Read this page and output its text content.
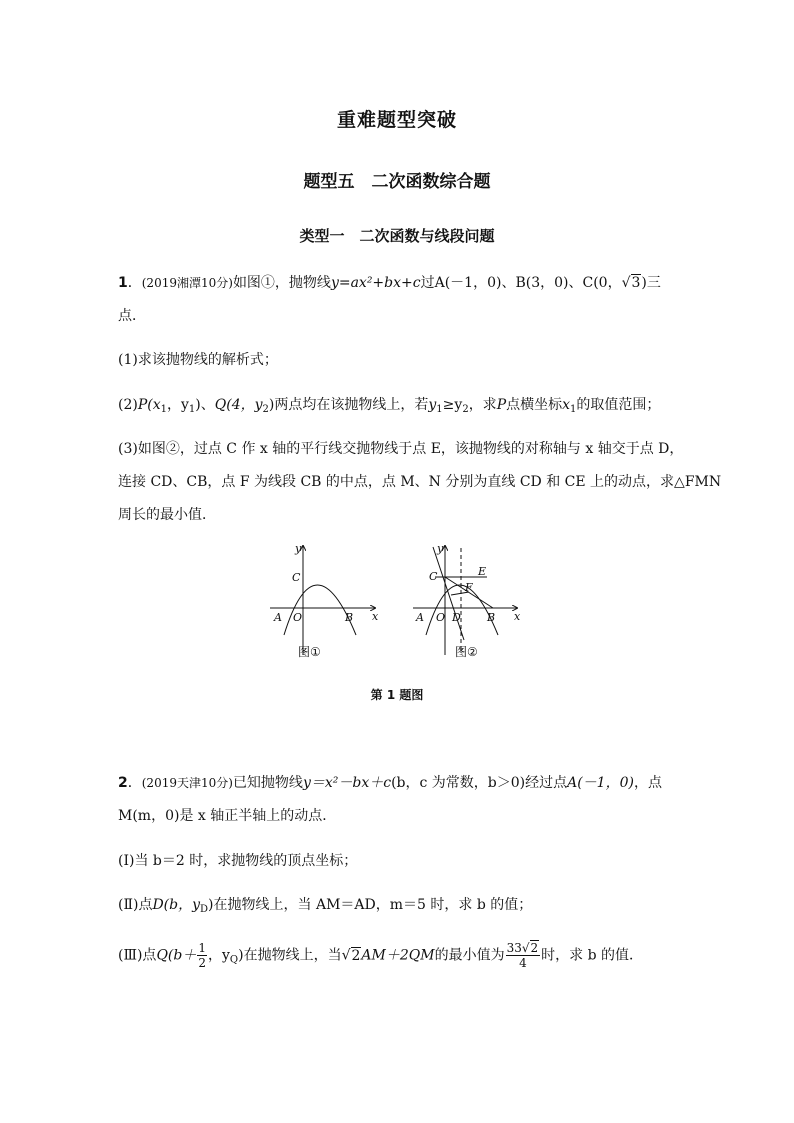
重难题型突破
题型五　二次函数综合题
类型一　二次函数与线段问题
1．(2019湘潭10分)如图①，抛物线y=ax²+bx+c过A(－1，0)、B(3，0)、C(0，√3)三
点．
(1)求该抛物线的解析式；
$(2)P(x_1$，$y_1$)、Q(4，$y_2$)两点均在该抛物线上，若$y_1\ge y_2$，求P点横坐标$x_1$的取值范围；
(3)如图②，过点 C 作 x 轴的平行线交抛物线于点 E，该抛物线的对称轴与 x 轴交于点 D，
连接 CD、CB，点 F 为线段 CB 的中点，点 M、N 分别为直线 CD 和 CE 上的动点，求△FMN
周长的最小值．
y
x
C
O
A	B
y
x
C	E
F
O D
A	B
图①	图②
第 1 题图
2．(2019天津10分)已知抛物线y＝x²－bx＋c(b，c 为常数，b＞0)经过点A(－1，0)，点
M(m，0)是 x 轴正半轴上的动点．
(Ⅰ)当 b＝2 时，求抛物线的顶点坐标；
(Ⅱ)点D(b，$y_D$)在抛物线上，当 AM＝AD，m＝5 时，求 b 的值；
(Ⅲ)点$Q(b+ \frac{1}{2}$ ，$y_Q$)在抛物线上，当√2AM＋2QM的最小值为 $\frac{33√2}{4}$ 时，求 b 的值．
